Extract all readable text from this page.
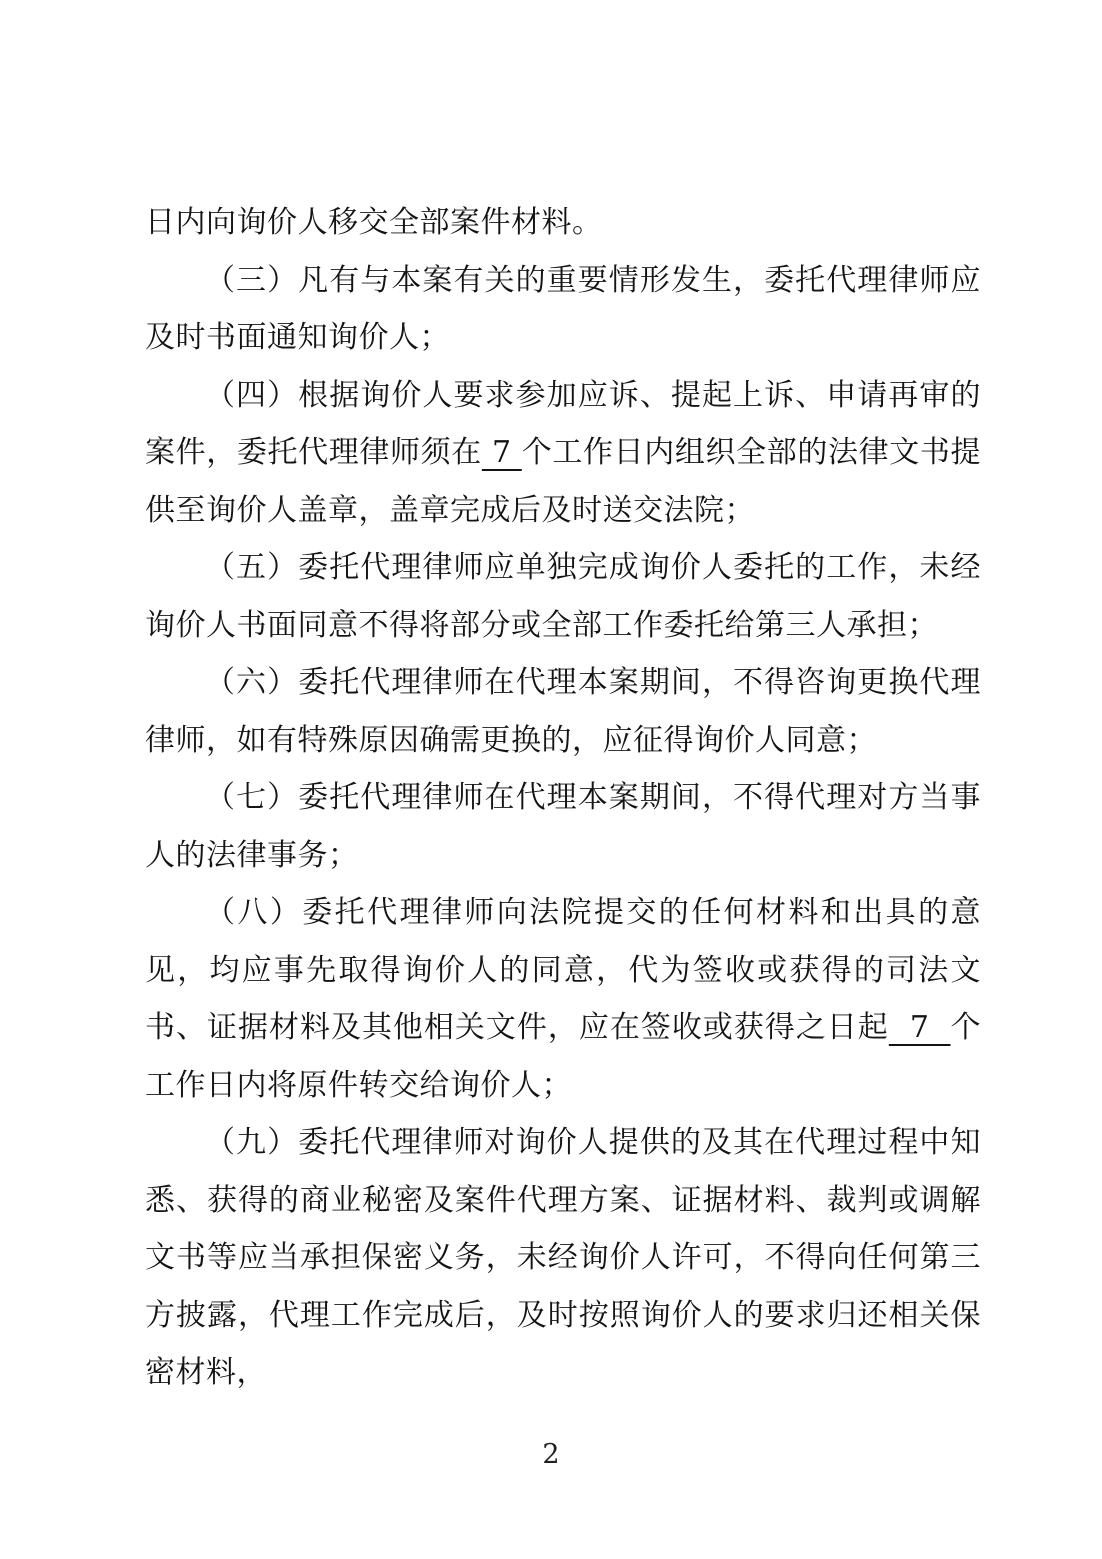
日内向询价人移交全部案件材料。

（三）凡有与本案有关的重要情形发生，委托代理律师应及时书面通知询价人；

（四）根据询价人要求参加应诉、提起上诉、申请再审的案件，委托代理律师须在 7 个工作日内组织全部的法律文书提供至询价人盖章，盖章完成后及时送交法院；

（五）委托代理律师应单独完成询价人委托的工作，未经询价人书面同意不得将部分或全部工作委托给第三人承担；

（六）委托代理律师在代理本案期间，不得咨询更换代理律师，如有特殊原因确需更换的，应征得询价人同意；

（七）委托代理律师在代理本案期间，不得代理对方当事人的法律事务；

（八）委托代理律师向法院提交的任何材料和出具的意见，均应事先取得询价人的同意，代为签收或获得的司法文书、证据材料及其他相关文件，应在签收或获得之日起  7  个工作日内将原件转交给询价人；

（九）委托代理律师对询价人提供的及其在代理过程中知悉、获得的商业秘密及案件代理方案、证据材料、裁判或调解文书等应当承担保密义务，未经询价人许可，不得向任何第三方披露，代理工作完成后，及时按照询价人的要求归还相关保密材料，

2
